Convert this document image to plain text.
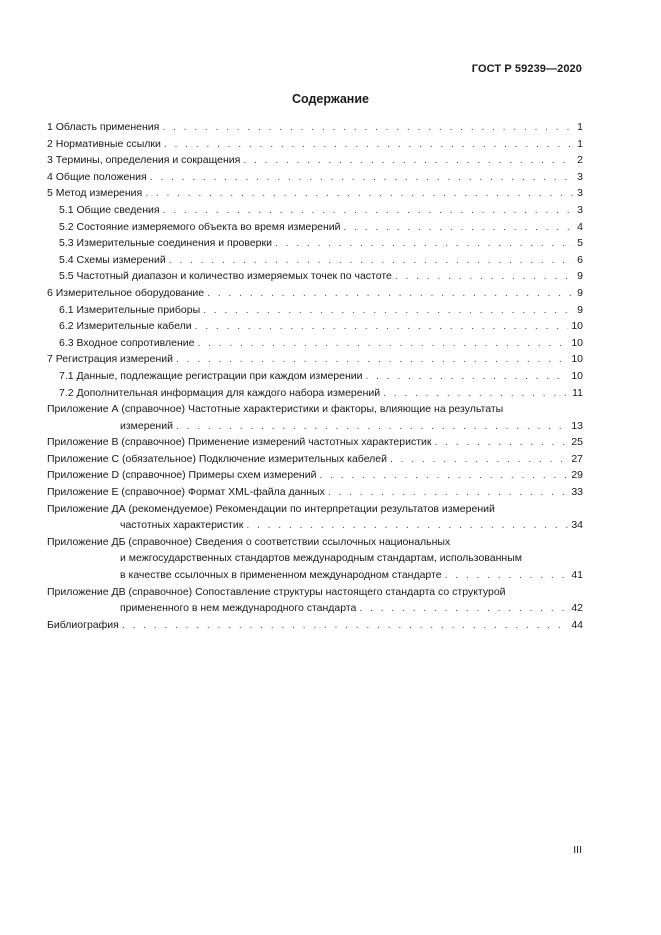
ГОСТ Р 59239—2020
Содержание
1 Область применения . . .	1
2 Нормативные ссылки . . .	1
3 Термины, определения и сокращения . . .	2
4 Общие положения . . .	3
5 Метод измерения . . .	3
5.1 Общие сведения . . .	3
5.2 Состояние измеряемого объекта во время измерений . . .	4
5.3 Измерительные соединения и проверки . . .	5
5.4 Схемы измерений . . .	6
5.5 Частотный диапазон и количество измеряемых точек по частоте . . .	9
6 Измерительное оборудование . . .	9
6.1 Измерительные приборы . . .	9
6.2 Измерительные кабели . . .	10
6.3 Входное сопротивление . . .	10
7 Регистрация измерений . . .	10
7.1 Данные, подлежащие регистрации при каждом измерении . . .	10
7.2 Дополнительная информация для каждого набора измерений . . .	11
Приложение А (справочное) Частотные характеристики и факторы, влияющие на результаты
измерений . . .	13
Приложение В (справочное) Применение измерений частотных характеристик . . .	25
Приложение С (обязательное) Подключение измерительных кабелей . . .	27
Приложение D (справочное) Примеры схем измерений . . .	29
Приложение Е (справочное) Формат XML-файла данных . . .	33
Приложение ДА (рекомендуемое) Рекомендации по интерпретации результатов измерений
частотных характеристик . . .	34
Приложение ДБ (справочное) Сведения о соответствии ссылочных национальных
и межгосударственных стандартов международным стандартам, использованным
в качестве ссылочных в примененном международном стандарте . . .	41
Приложение ДВ (справочное) Сопоставление структуры настоящего стандарта со структурой
примененного в нем международного стандарта . . .	42
Библиография . . .	44
III
